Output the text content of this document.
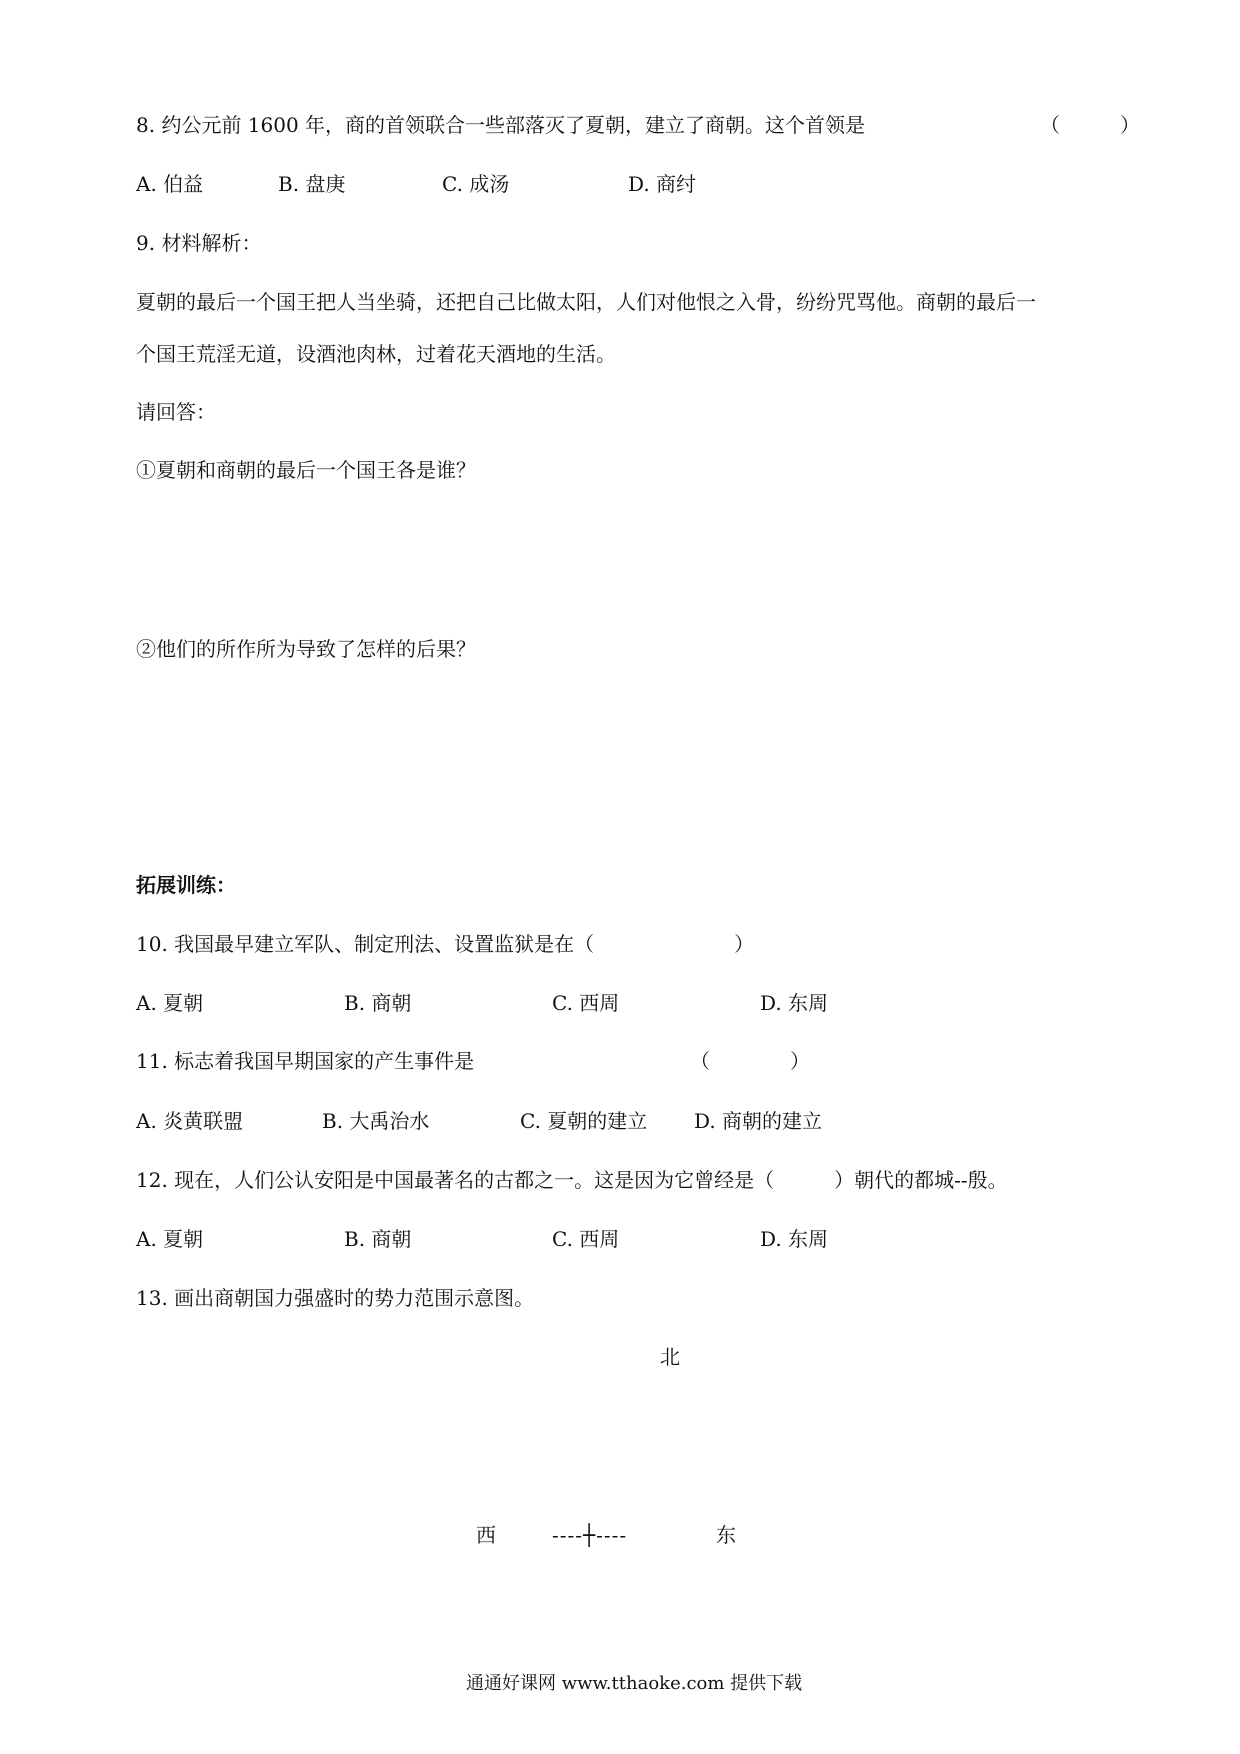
8. 约公元前 1600 年，商的首领联合一些部落灭了夏朝，建立了商朝。这个首领是	（　　　）
A. 伯益	B. 盘庚	C. 成汤	D. 商纣
9. 材料解析：
夏朝的最后一个国王把人当坐骑，还把自己比做太阳，人们对他恨之入骨，纷纷咒骂他。商朝的最后一
个国王荒淫无道，设酒池肉林，过着花天酒地的生活。
请回答：
①夏朝和商朝的最后一个国王各是谁？
②他们的所作所为导致了怎样的后果？
拓展训练：
10. 我国最早建立军队、制定刑法、设置监狱是在（　　　　　　　）
A. 夏朝	B. 商朝	C. 西周	D. 东周
11. 标志着我国早期国家的产生事件是	（　　　　）
A. 炎黄联盟	B. 大禹治水	C. 夏朝的建立 D. 商朝的建立
12. 现在，人们公认安阳是中国最著名的古都之一。这是因为它曾经是（　　　）朝代的都城--殷。
A. 夏朝	B. 商朝	C. 西周	D. 东周
13. 画出商朝国力强盛时的势力范围示意图。
北
西	----┼----	东
通通好课网 www.tthaoke.com 提供下载
